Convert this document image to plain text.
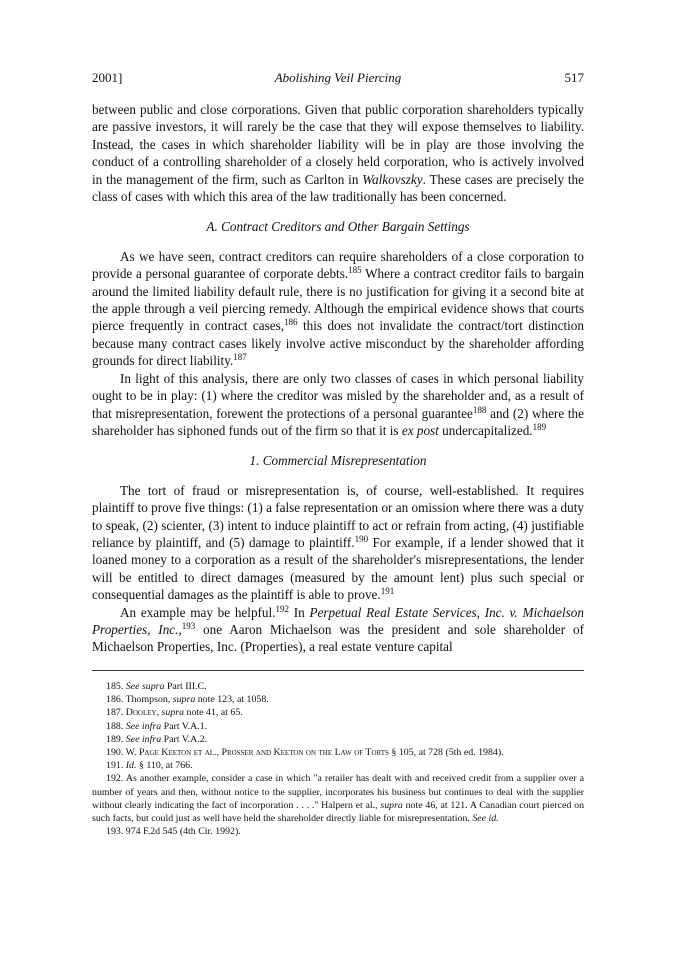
2001]	Abolishing Veil Piercing	517

between public and close corporations. Given that public corporation shareholders typically are passive investors, it will rarely be the case that they will expose themselves to liability. Instead, the cases in which shareholder liability will be in play are those involving the conduct of a controlling shareholder of a closely held corporation, who is actively involved in the management of the firm, such as Carlton in Walkovszky. These cases are precisely the class of cases with which this area of the law traditionally has been concerned.

A. Contract Creditors and Other Bargain Settings

As we have seen, contract creditors can require shareholders of a close corporation to provide a personal guarantee of corporate debts.$^{185}$ Where a contract creditor fails to bargain around the limited liability default rule, there is no justification for giving it a second bite at the apple through a veil piercing remedy. Although the empirical evidence shows that courts pierce frequently in contract cases,$^{186}$ this does not invalidate the contract/tort distinction because many contract cases likely involve active misconduct by the shareholder affording grounds for direct liability.$^{187}$

In light of this analysis, there are only two classes of cases in which personal liability ought to be in play: (1) where the creditor was misled by the shareholder and, as a result of that misrepresentation, forewent the protections of a personal guarantee$^{188}$ and (2) where the shareholder has siphoned funds out of the firm so that it is ex post undercapitalized.$^{189}$

1. Commercial Misrepresentation

The tort of fraud or misrepresentation is, of course, well-established. It requires plaintiff to prove five things: (1) a false representation or an omission where there was a duty to speak, (2) scienter, (3) intent to induce plaintiff to act or refrain from acting, (4) justifiable reliance by plaintiff, and (5) damage to plaintiff.$^{190}$ For example, if a lender showed that it loaned money to a corporation as a result of the shareholder's misrepresentations, the lender will be entitled to direct damages (measured by the amount lent) plus such special or consequential damages as the plaintiff is able to prove.$^{191}$

An example may be helpful.$^{192}$ In Perpetual Real Estate Services, Inc. v. Michaelson Properties, Inc.,$^{193}$ one Aaron Michaelson was the president and sole shareholder of Michaelson Properties, Inc. (Properties), a real estate venture capital

185. See supra Part III.C.

186. Thompson, supra note 123, at 1058.

187. Dooley, supra note 41, at 65.

188. See infra Part V.A.1.

189. See infra Part V.A.2.

190. W. Page Keeton et al., Prosser and Keeton on the Law of Torts § 105, at 728 (5th ed. 1984).

191. Id. § 110, at 766.

192. As another example, consider a case in which "a retailer has dealt with and received credit from a supplier over a number of years and then, without notice to the supplier, incorporates his business but continues to deal with the supplier without clearly indicating the fact of incorporation . . . ." Halpern et al., supra note 46, at 121. A Canadian court pierced on such facts, but could just as well have held the shareholder directly liable for misrepresentation. See id.

193. 974 F.2d 545 (4th Cir. 1992).
